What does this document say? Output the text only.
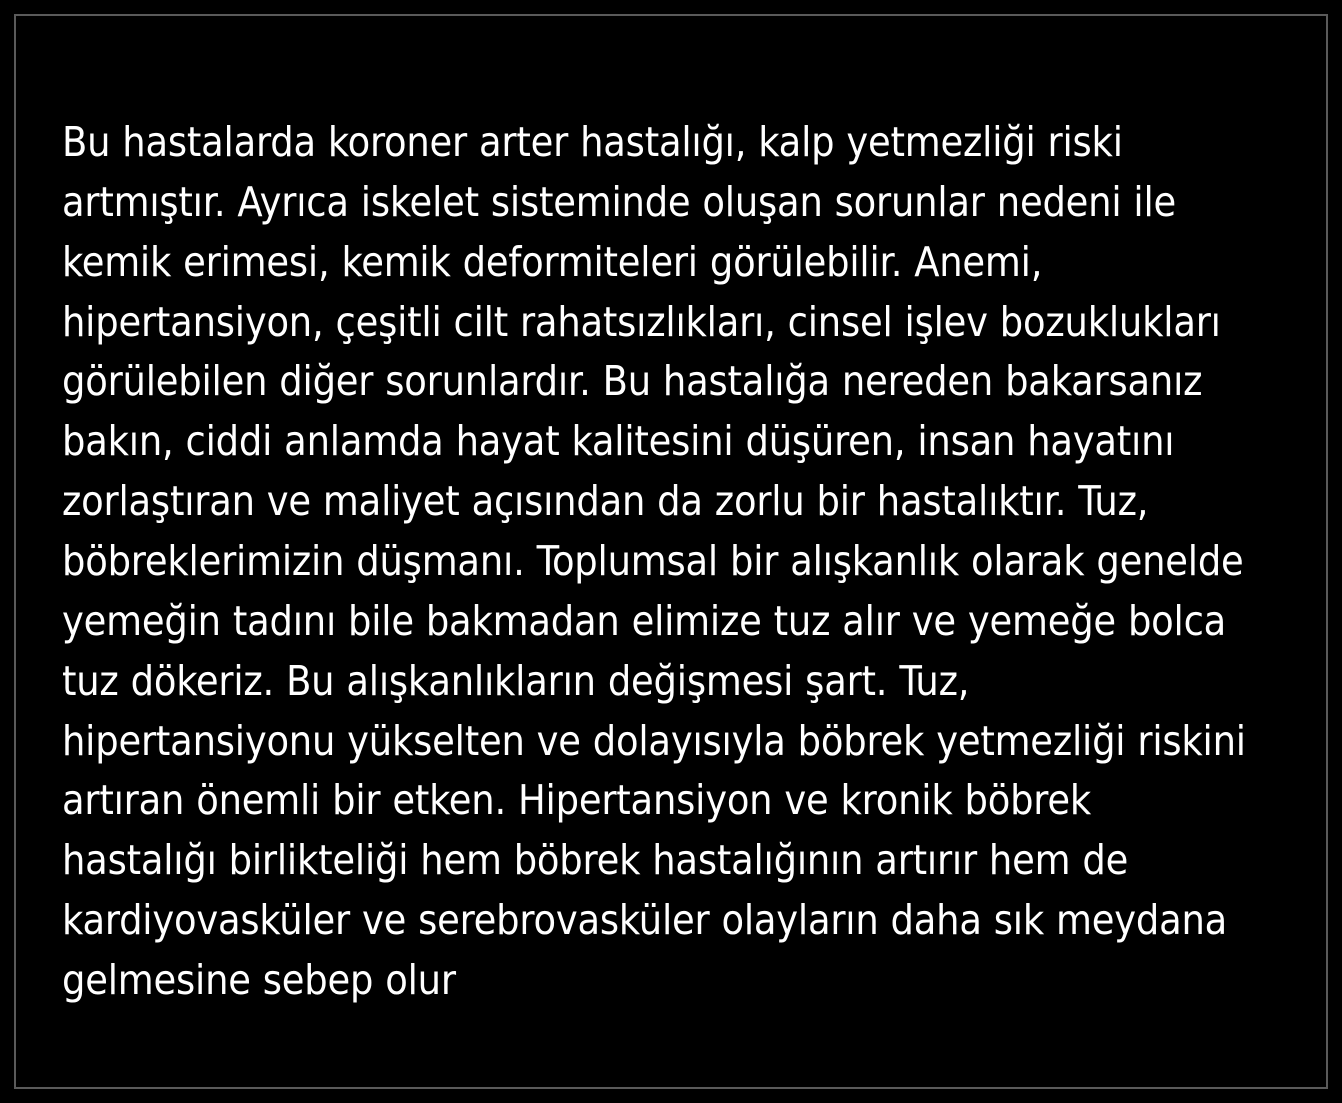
Bu hastalarda koroner arter hastalığı, kalp yetmezliği riski artmıştır. Ayrıca iskelet sisteminde oluşan sorunlar nedeni ile kemik erimesi, kemik deformiteleri görülebilir. Anemi, hipertansiyon, çeşitli cilt rahatsızlıkları, cinsel işlev bozuklukları görülebilen diğer sorunlardır. Bu hastalığa nereden bakarsanız bakın, ciddi anlamda hayat kalitesini düşüren, insan hayatını zorlaştıran ve maliyet açısından da zorlu bir hastalıktır. Tuz, böbreklerimizin düşmanı. Toplumsal bir alışkanlık olarak genelde yemeğin tadını bile bakmadan elimize tuz alır ve yemeğe bolca tuz dökeriz. Bu alışkanlıkların değişmesi şart. Tuz, hipertansiyonu yükselten ve dolayısıyla böbrek yetmezliği riskini artıran önemli bir etken. Hipertansiyon ve kronik böbrek hastalığı birlikteliği hem böbrek hastalığının artırır hem de kardiyovasküler ve serebrovasküler olayların daha sık meydana gelmesine sebep olur
